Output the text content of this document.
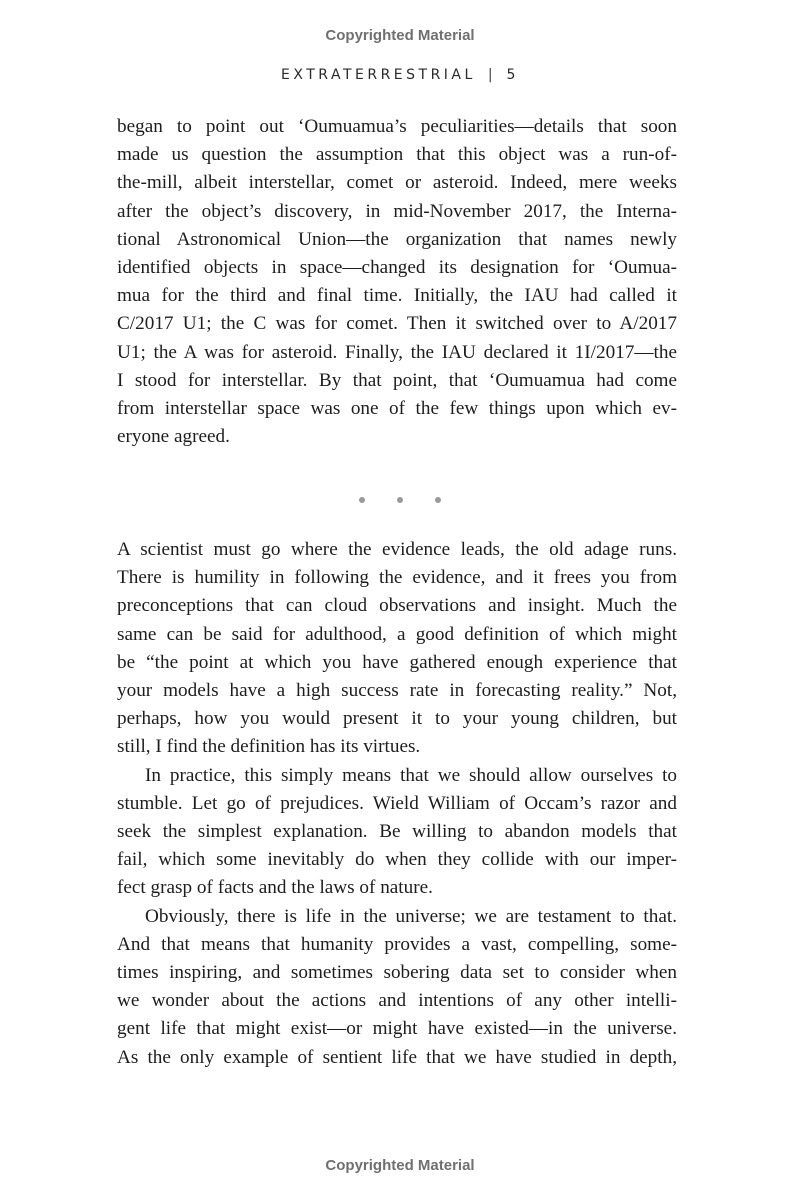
Copyrighted Material
EXTRATERRESTRIAL | 5
began to point out ‘Oumuamua’s peculiarities—details that soon
made us question the assumption that this object was a run-of-
the-mill, albeit interstellar, comet or asteroid. Indeed, mere weeks
after the object’s discovery, in mid-November 2017, the Interna-
tional Astronomical Union—the organization that names newly
identified objects in space—changed its designation for ‘Oumua-
mua for the third and final time. Initially, the IAU had called it
C/2017 U1; the C was for comet. Then it switched over to A/2017
U1; the A was for asteroid. Finally, the IAU declared it 1I/2017—the
I stood for interstellar. By that point, that ‘Oumuamua had come
from interstellar space was one of the few things upon which ev-
eryone agreed.
A scientist must go where the evidence leads, the old adage runs.
There is humility in following the evidence, and it frees you from
preconceptions that can cloud observations and insight. Much the
same can be said for adulthood, a good definition of which might
be “the point at which you have gathered enough experience that
your models have a high success rate in forecasting reality.” Not,
perhaps, how you would present it to your young children, but
still, I find the definition has its virtues.
In practice, this simply means that we should allow ourselves to
stumble. Let go of prejudices. Wield William of Occam’s razor and
seek the simplest explanation. Be willing to abandon models that
fail, which some inevitably do when they collide with our imper-
fect grasp of facts and the laws of nature.
Obviously, there is life in the universe; we are testament to that.
And that means that humanity provides a vast, compelling, some-
times inspiring, and sometimes sobering data set to consider when
we wonder about the actions and intentions of any other intelli-
gent life that might exist—or might have existed—in the universe.
As the only example of sentient life that we have studied in depth,
Copyrighted Material
